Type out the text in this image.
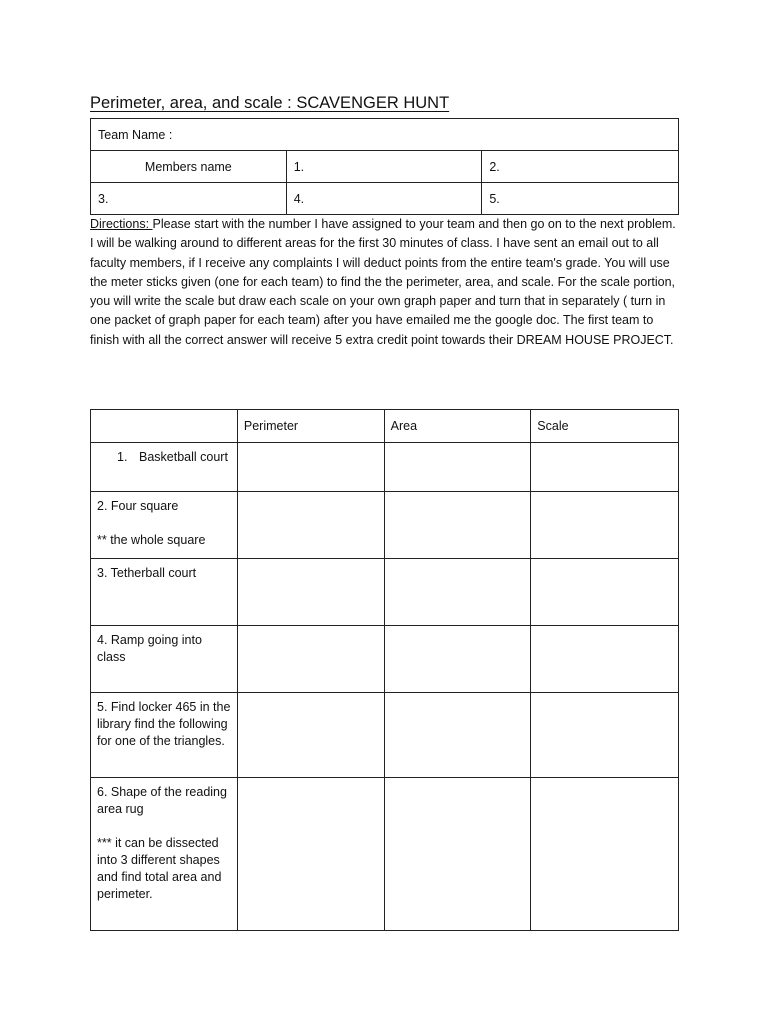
Perimeter, area, and scale : SCAVENGER HUNT
Team Name :		
Members name	1.	2.
3.	4.	5.

Directions: Please start with the number I have assigned to your team and then go on to the next problem. I will be walking around to different areas for the first 30 minutes of class. I have sent an email out to all faculty members, if I receive any complaints I will deduct points from the entire team's grade. You will use the meter sticks given (one for each team) to find the the perimeter, area, and scale. For the scale portion, you will write the scale but draw each scale on your own graph paper and turn that in separately ( turn in one packet of graph paper for each team) after you have emailed me the google doc. The first team to finish with all the correct answer will receive 5 extra credit point towards their DREAM HOUSE PROJECT.

	Perimeter	Area	Scale

1. Basketball court			

2. Four square

** the whole square			

3. Tetherball court			

4. Ramp going into class			

5. Find locker 465 in the library find the following for one of the triangles.			

6. Shape of the reading area rug

*** it can be dissected into 3 different shapes and find total area and perimeter.			
